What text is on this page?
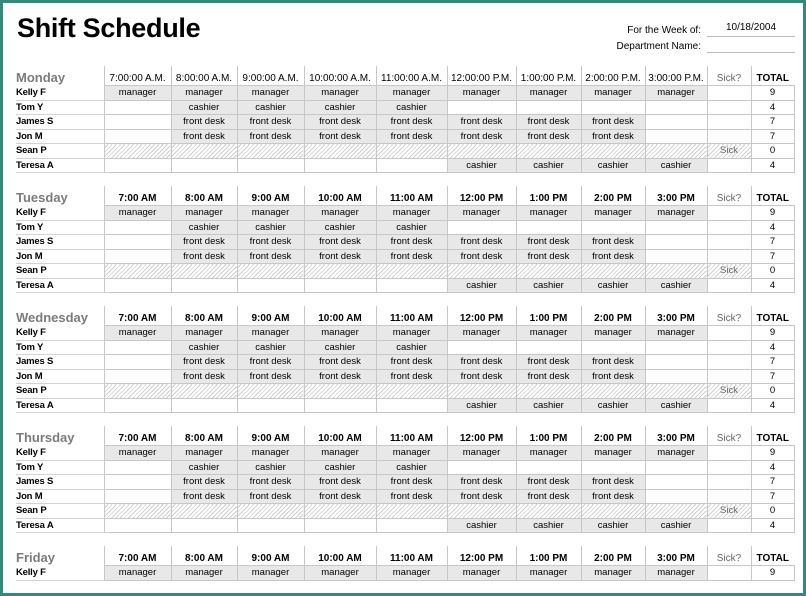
Shift Schedule	For the Week of:	10/18/2004
Department Name:
Monday	7:00:00 A.M.	8:00:00 A.M.	9:00:00 A.M.	10:00:00 A.M.	11:00:00 A.M.	12:00:00 P.M.	1:00:00 P.M.	2:00:00 P.M.	3:00:00 P.M.	Sick?	TOTAL
Kelly F	manager	manager	manager	manager	manager	manager	manager	manager	manager		9
Tom Y		cashier	cashier	cashier	cashier						4
James S		front desk	front desk	front desk	front desk	front desk	front desk	front desk			7
Jon M		front desk	front desk	front desk	front desk	front desk	front desk	front desk			7
Sean P										Sick	0
Teresa A						cashier	cashier	cashier	cashier		4
Tuesday	7:00 AM	8:00 AM	9:00 AM	10:00 AM	11:00 AM	12:00 PM	1:00 PM	2:00 PM	3:00 PM	Sick?	TOTAL
Kelly F	manager	manager	manager	manager	manager	manager	manager	manager	manager		9
Tom Y		cashier	cashier	cashier	cashier						4
James S		front desk	front desk	front desk	front desk	front desk	front desk	front desk			7
Jon M		front desk	front desk	front desk	front desk	front desk	front desk	front desk			7
Sean P										Sick	0
Teresa A						cashier	cashier	cashier	cashier		4
Wednesday	7:00 AM	8:00 AM	9:00 AM	10:00 AM	11:00 AM	12:00 PM	1:00 PM	2:00 PM	3:00 PM	Sick?	TOTAL
Kelly F	manager	manager	manager	manager	manager	manager	manager	manager	manager		9
Tom Y		cashier	cashier	cashier	cashier						4
James S		front desk	front desk	front desk	front desk	front desk	front desk	front desk			7
Jon M		front desk	front desk	front desk	front desk	front desk	front desk	front desk			7
Sean P										Sick	0
Teresa A						cashier	cashier	cashier	cashier		4
Thursday	7:00 AM	8:00 AM	9:00 AM	10:00 AM	11:00 AM	12:00 PM	1:00 PM	2:00 PM	3:00 PM	Sick?	TOTAL
Kelly F	manager	manager	manager	manager	manager	manager	manager	manager	manager		9
Tom Y		cashier	cashier	cashier	cashier						4
James S		front desk	front desk	front desk	front desk	front desk	front desk	front desk			7
Jon M		front desk	front desk	front desk	front desk	front desk	front desk	front desk			7
Sean P										Sick	0
Teresa A						cashier	cashier	cashier	cashier		4
Friday	7:00 AM	8:00 AM	9:00 AM	10:00 AM	11:00 AM	12:00 PM	1:00 PM	2:00 PM	3:00 PM	Sick?	TOTAL
Kelly F	manager	manager	manager	manager	manager	manager	manager	manager	manager		9
